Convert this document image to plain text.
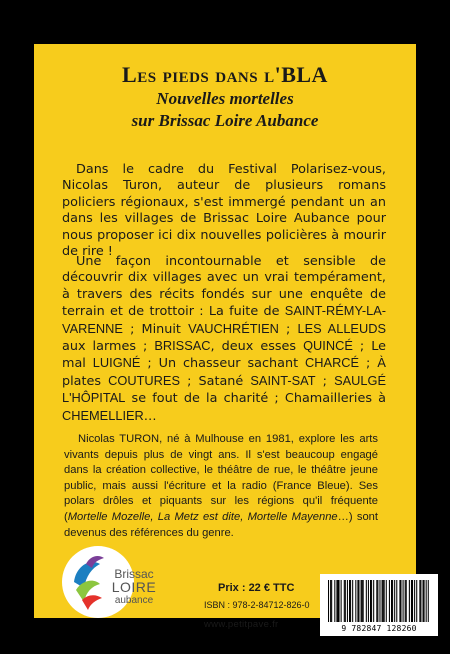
Les pieds dans l'BLA

Nouvelles mortelles

sur Brissac Loire Aubance

Dans le cadre du Festival Polarisez-vous, Nicolas Turon, auteur de plusieurs romans policiers régionaux, s'est immergé pendant un an dans les villages de Brissac Loire Aubance pour nous proposer ici dix nouvelles policières à mourir de rire !

Une façon incontournable et sensible de découvrir dix villages avec un vrai tempérament, à travers des récits fondés sur une enquête de terrain et de trottoir : La fuite de SAINT-RÉMY-LA-VARENNE ; Minuit VAUCHRÉTIEN ; LES ALLEUDS aux larmes ; BRISSAC, deux esses QUINCÉ ; Le mal LUIGNÉ ; Un chasseur sachant CHARCÉ ; À plates COUTURES ; Satané SAINT-SAT ; SAULGÉ L'HÔPITAL se fout de la charité ; Chamailleries à CHEMELLIER…

Nicolas TURON, né à Mulhouse en 1981, explore les arts vivants depuis plus de vingt ans. Il s'est beaucoup engagé dans la création collective, le théâtre de rue, le théâtre jeune public, mais aussi l'écriture et la radio (France Bleue). Ses polars drôles et piquants sur les régions qu'il fréquente (Mortelle Mozelle, La Metz est dite, Mortelle Mayenne…) sont devenus des références du genre.

Brissac
LOIRE
aubance
Prix : 22 € TTC
ISBN : 978-2-84712-826-0
www.petitpave.fr	9 782847 128260
